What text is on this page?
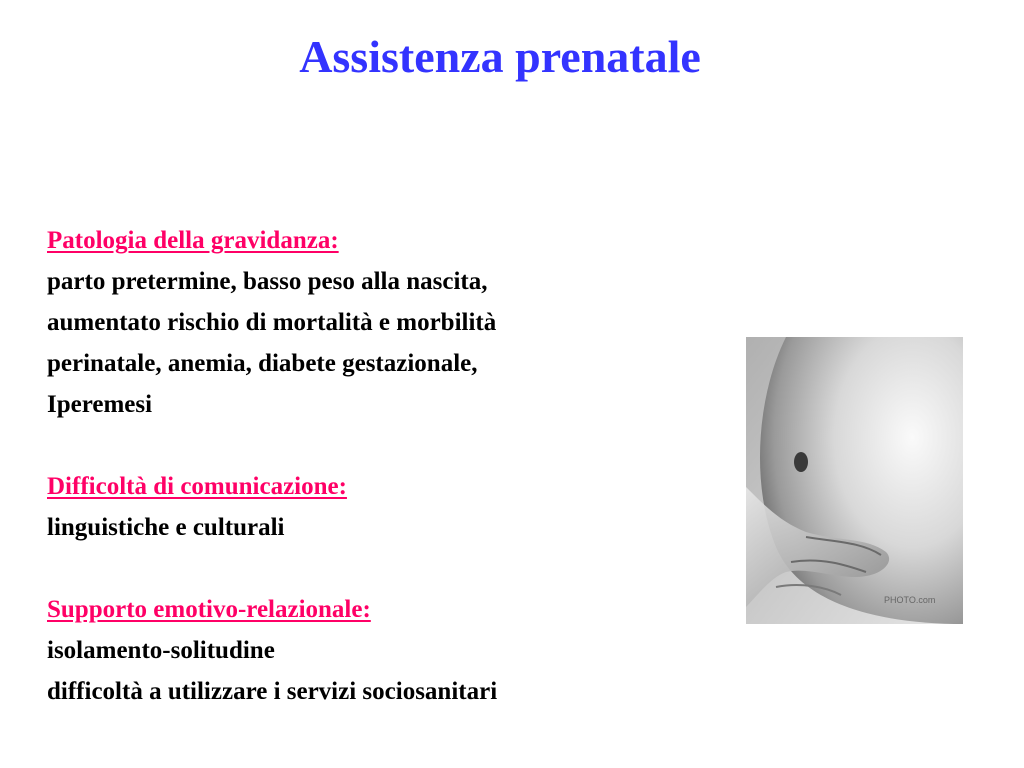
Assistenza prenatale
Patologia della gravidanza:
parto pretermine, basso peso alla nascita,
aumentato rischio di mortalità e morbilità
perinatale, anemia, diabete gestazionale,
Iperemesi
Difficoltà di comunicazione:
linguistiche e culturali
Supporto emotivo-relazionale:
isolamento-solitudine
difficoltà a utilizzare i servizi sociosanitari
PHOTO.com
